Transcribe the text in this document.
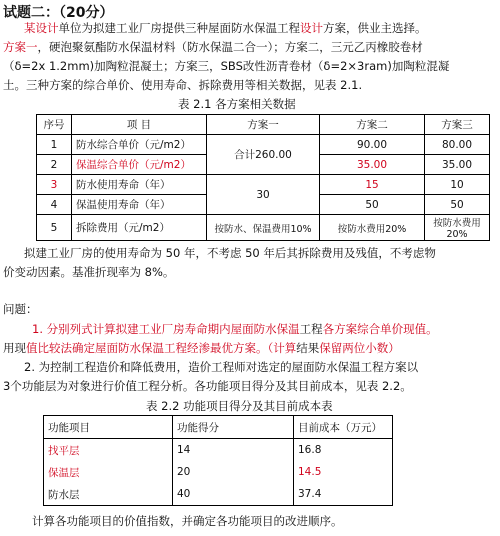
试题二：（20分）
某设计单位为拟建工业厂房提供三种屋面防水保温工程设计方案，供业主选择。
方案一，硬泡聚氨酯防水保温材料（防水保温二合一）；方案二，三元乙丙橡胶卷材
（δ=2x 1.2mm)加陶粒混凝土；方案三，SBS改性沥青卷材（δ=2×3ram)加陶粒混凝
土。三种方案的综合单价、使用寿命、拆除费用等相关数据，见表 2.1.
表 2.1 各方案相关数据
序号	项 目	方案一	方案二	方案三
1	防水综合单价（元/m2）	合计260.00	90.00	80.00
2	保温综合单价（元/m2）		35.00	35.00
3	防水使用寿命（年）	30	15	10
4	保温使用寿命（年）		50	50
5	拆除费用（元/m2）	按防水、保温费用10%	按防水费用20%	按防水费用20%
拟建工业厂房的使用寿命为 50 年，不考虑 50 年后其拆除费用及残值，不考虑物
价变动因素。基准折现率为 8%。
问题：
1. 分别列式计算拟建工业厂房寿命期内屋面防水保温工程各方案综合单价现值。
用现值比较法确定屋面防水保温工程经渗最优方案。（计算结果保留两位小数）
2. 为控制工程造价和降低费用，造价工程师对选定的屋面防水保温工程方案以
3个功能层为对象进行价值工程分析。各功能项目得分及其目前成本，见表 2.2。
表 2.2 功能项目得分及其目前成本表
功能项目	功能得分	目前成本（万元）
找平层	14	16.8
保温层	20	14.5
防水层	40	37.4
计算各功能项目的价值指数，并确定各功能项目的改进顺序。
